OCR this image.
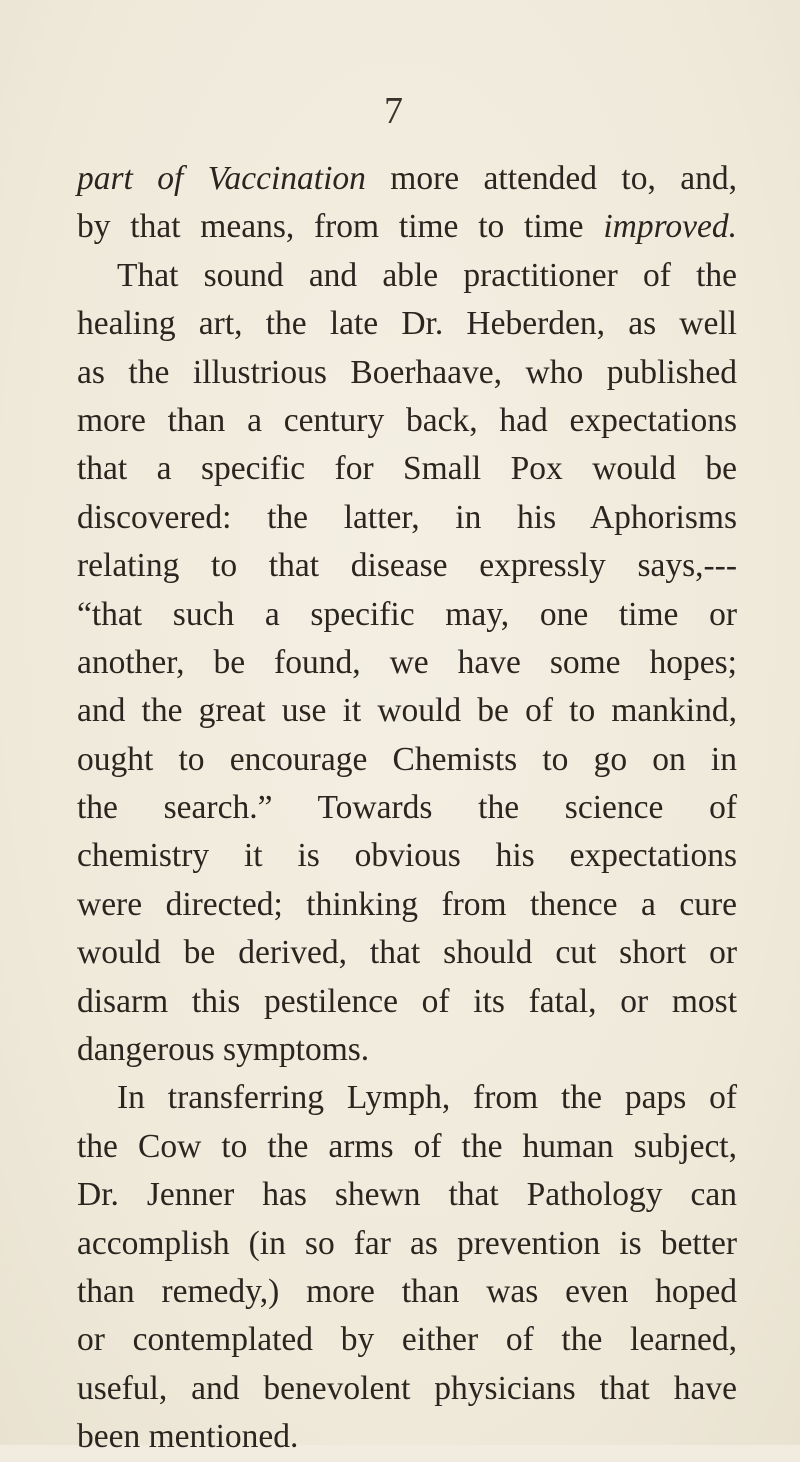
7
part of Vaccination more attended to, and,
by that means, from time to time improved.
That sound and able practitioner of the
healing art, the late Dr. Heberden, as well
as the illustrious Boerhaave, who published
more than a century back, had expectations
that a specific for Small Pox would be
discovered: the latter, in his Aphorisms
relating to that disease expressly says,---
“that such a specific may, one time or
another, be found, we have some hopes;
and the great use it would be of to mankind,
ought to encourage Chemists to go on in
the search.” Towards the science of
chemistry it is obvious his expectations
were directed; thinking from thence a cure
would be derived, that should cut short or
disarm this pestilence of its fatal, or most
dangerous symptoms.
In transferring Lymph, from the paps of
the Cow to the arms of the human subject,
Dr. Jenner has shewn that Pathology can
accomplish (in so far as prevention is better
than remedy,) more than was even hoped
or contemplated by either of the learned,
useful, and benevolent physicians that have
been mentioned.
